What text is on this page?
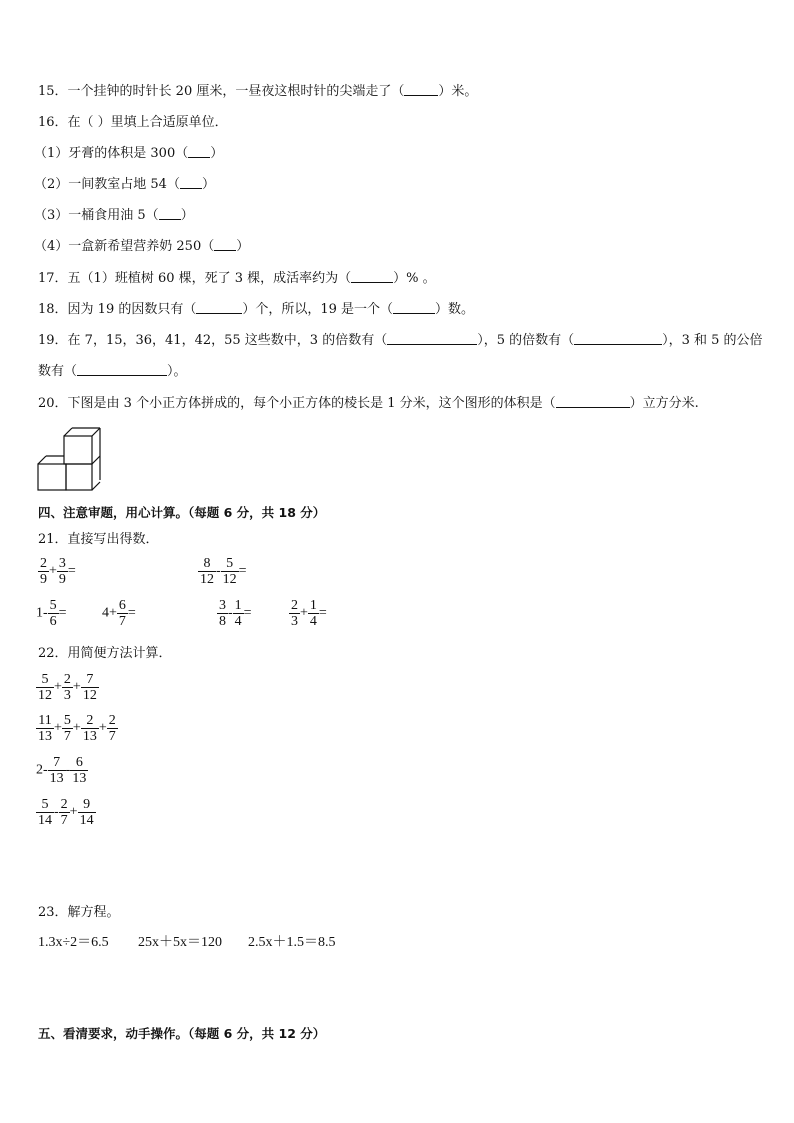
15．一个挂钟的时针长 20 厘米，一昼夜这根时针的尖端走了（	）米。
16．在（ ）里填上合适原单位．
（1）牙膏的体积是 300（ ）
（2）一间教室占地 54（ ）
（3）一桶食用油 5（ ）
（4）一盒新希望营养奶 250（ ）
17．五（1）班植树 60 棵，死了 3 棵，成活率约为（	）% 。
18．因为 19 的因数只有（	）个，所以，19 是一个（	）数。
19．在 7，15，36，41，42，55 这些数中，3 的倍数有（	），5 的倍数有（	），3 和 5 的公倍
数有（	）。
20．下图是由 3 个小正方体拼成的，每个小正方体的棱长是 1 分米，这个图形的体积是（	）立方分米.
四、注意审题，用心计算。（每题 6 分，共 18 分）
21．直接写出得数．
$\frac{2}{9} + \frac{3}{9}$ =	$\frac{8}{12} - \frac{5}{12}$ =
$1- \frac{5}{6}$ =	$4+ \frac{6}{7}$ =	$\frac{3}{8} - \frac{1}{4}$ =	$\frac{2}{3} + \frac{1}{4}$ =
22．用简便方法计算．
$\frac{5}{12} + \frac{2}{3} + \frac{7}{12}$
$\frac{11}{13} + \frac{5}{7} + \frac{2}{13} + \frac{2}{7}$
$2- \frac{7}{13} - \frac{6}{13}$
$\frac{5}{14} - \frac{2}{7} + \frac{9}{14}$
23．解方程。
1.3x÷2＝6.5 25x＋5x＝120 2.5x＋1.5＝8.5
五、看清要求，动手操作。（每题 6 分，共 12 分）
